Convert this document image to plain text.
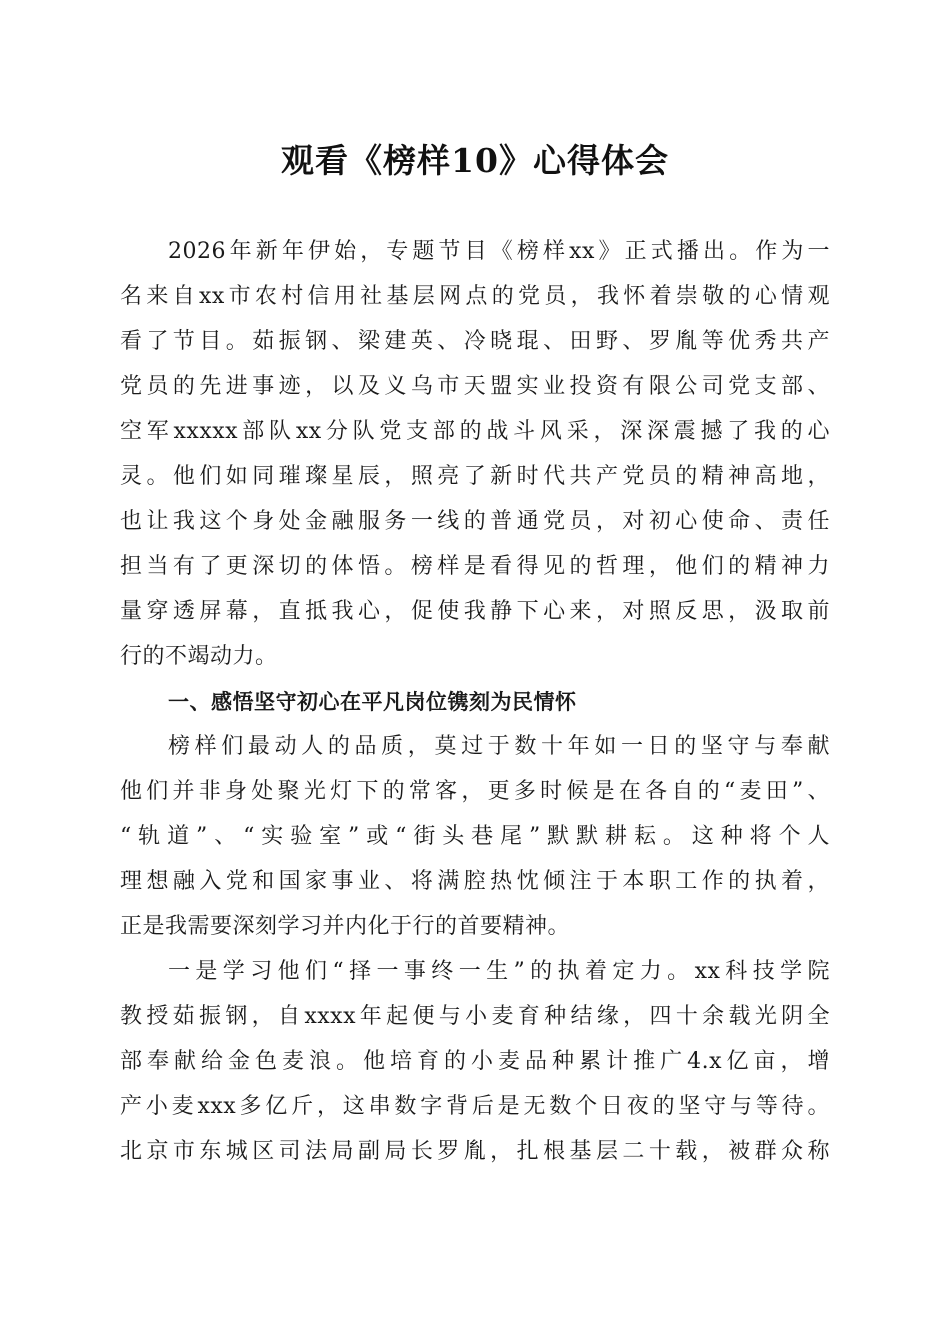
观看《榜样10》心得体会
2026年新年伊始，专题节目《榜样xx》正式播出。作为一
名来自xx市农村信用社基层网点的党员，我怀着崇敬的心情观
看了节目。茹振钢、梁建英、冷晓琨、田野、罗胤等优秀共产
党员的先进事迹，以及义乌市天盟实业投资有限公司党支部、
空军xxxxx部队xx分队党支部的战斗风采，深深震撼了我的心
灵。他们如同璀璨星辰，照亮了新时代共产党员的精神高地，
也让我这个身处金融服务一线的普通党员，对初心使命、责任
担当有了更深切的体悟。榜样是看得见的哲理，他们的精神力
量穿透屏幕，直抵我心，促使我静下心来，对照反思，汲取前
行的不竭动力。
一、感悟坚守初心在平凡岗位镌刻为民情怀
榜样们最动人的品质，莫过于数十年如一日的坚守与奉献
他们并非身处聚光灯下的常客，更多时候是在各自的“麦田”、
“轨道”、“实验室”或“街头巷尾”默默耕耘。这种将个人
理想融入党和国家事业、将满腔热忱倾注于本职工作的执着，
正是我需要深刻学习并内化于行的首要精神。
一是学习他们“择一事终一生”的执着定力。xx科技学院
教授茹振钢，自xxxx年起便与小麦育种结缘，四十余载光阴全
部奉献给金色麦浪。他培育的小麦品种累计推广4.x亿亩，增
产小麦xxx多亿斤，这串数字背后是无数个日夜的坚守与等待。
北京市东城区司法局副局长罗胤，扎根基层二十载，被群众称
